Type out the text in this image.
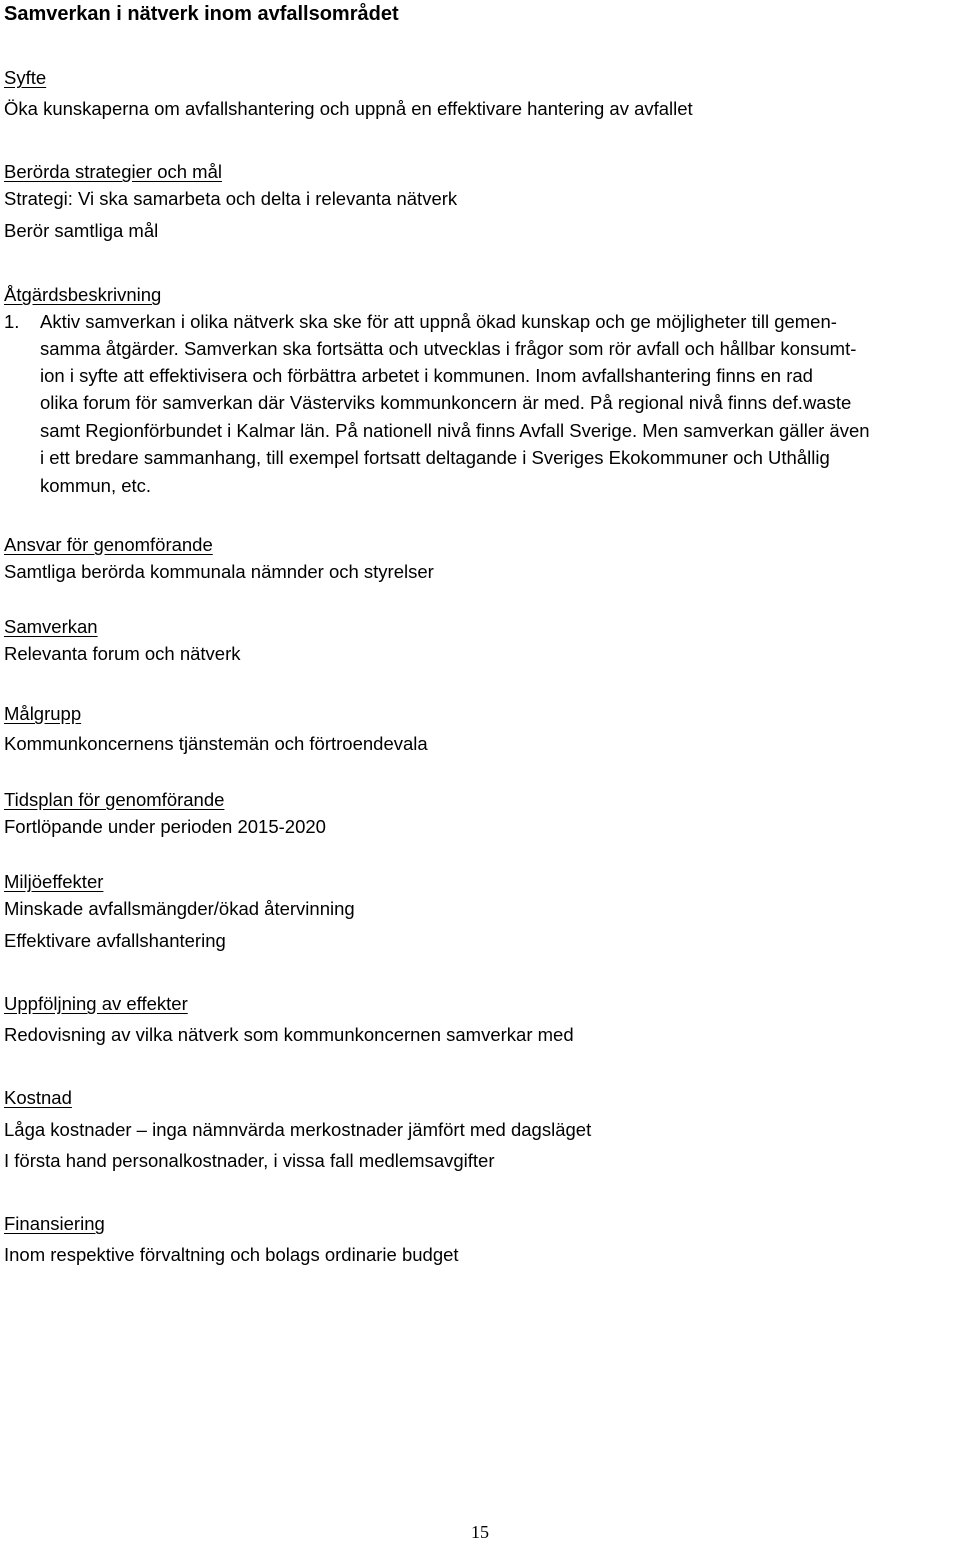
Samverkan i nätverk inom avfallsområdet
Syfte
Öka kunskaperna om avfallshantering och uppnå en effektivare hantering av avfallet
Berörda strategier och mål
Strategi: Vi ska samarbeta och delta i relevanta nätverk
Berör samtliga mål
Åtgärdsbeskrivning
1. Aktiv samverkan i olika nätverk ska ske för att uppnå ökad kunskap och ge möjligheter till gemen-
samma åtgärder. Samverkan ska fortsätta och utvecklas i frågor som rör avfall och hållbar konsumt-
ion i syfte att effektivisera och förbättra arbetet i kommunen. Inom avfallshantering finns en rad
olika forum för samverkan där Västerviks kommunkoncern är med. På regional nivå finns def.waste
samt Regionförbundet i Kalmar län. På nationell nivå finns Avfall Sverige. Men samverkan gäller även
i ett bredare sammanhang, till exempel fortsatt deltagande i Sveriges Ekokommuner och Uthållig
kommun, etc.
Ansvar för genomförande
Samtliga berörda kommunala nämnder och styrelser
Samverkan
Relevanta forum och nätverk
Målgrupp
Kommunkoncernens tjänstemän och förtroendevala
Tidsplan för genomförande
Fortlöpande under perioden 2015-2020
Miljöeffekter
Minskade avfallsmängder/ökad återvinning
Effektivare avfallshantering
Uppföljning av effekter
Redovisning av vilka nätverk som kommunkoncernen samverkar med
Kostnad
Låga kostnader – inga nämnvärda merkostnader jämfört med dagsläget
I första hand personalkostnader, i vissa fall medlemsavgifter
Finansiering
Inom respektive förvaltning och bolags ordinarie budget
15
